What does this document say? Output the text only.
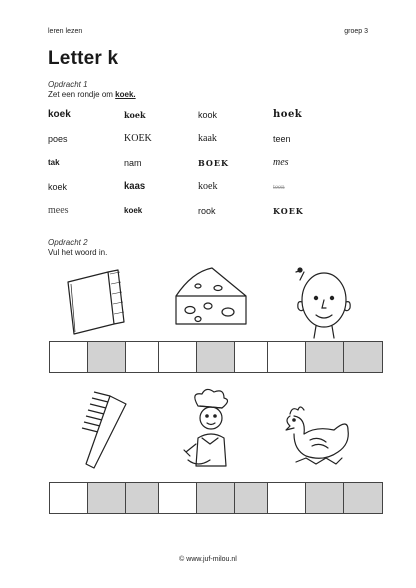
leren lezen	groep 3
Letter k
Opdracht 1
Zet een rondje om koek.
koek	koek	kook	hoek
poes	KOEK	kaak	teen
tak	nam	BOEK	mes
koek	kaas	koek	teen
mees	koek	rook	KOEK
Opdracht 2
Vul het woord in.
© www.juf-milou.nl
